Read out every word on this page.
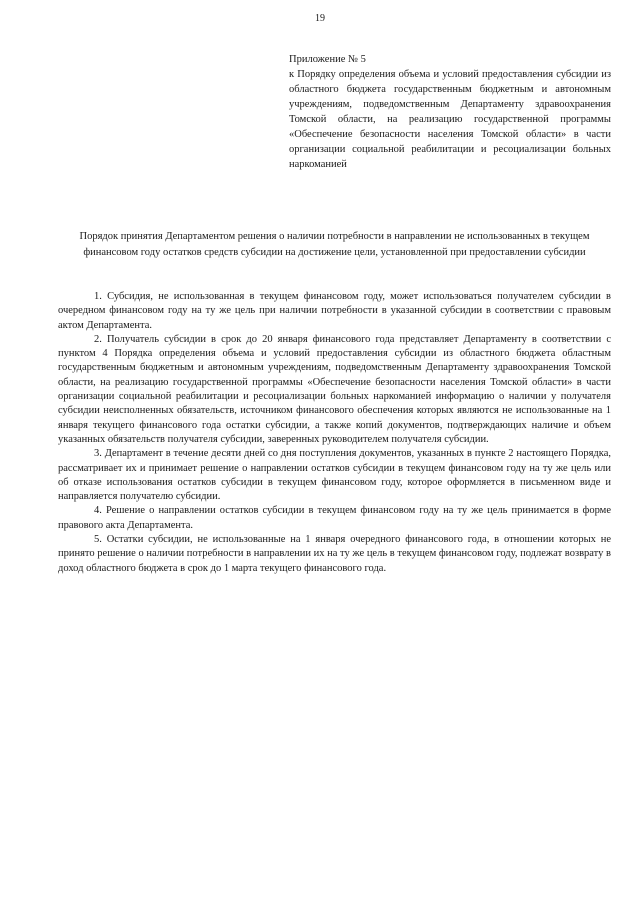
19

Приложение № 5

к Порядку определения объема и условий предоставления субсидии из областного бюджета государственным бюджетным и автономным учреждениям, подведомственным Департаменту здравоохранения Томской области, на реализацию государственной программы «Обеспечение безопасности населения Томской области» в части организации социальной реабилитации и ресоциализации больных наркоманией

Порядок принятия Департаментом решения о наличии потребности в направлении не использованных в текущем финансовом году остатков средств субсидии на достижение цели, установленной при предоставлении субсидии

1. Субсидия, не использованная в текущем финансовом году, может использоваться получателем субсидии в очередном финансовом году на ту же цель при наличии потребности в указанной субсидии в соответствии с правовым актом Департамента.

2. Получатель субсидии в срок до 20 января финансового года представляет Департаменту в соответствии с пунктом 4 Порядка определения объема и условий предоставления субсидии из областного бюджета областным государственным бюджетным и автономным учреждениям, подведомственным Департаменту здравоохранения Томской области, на реализацию государственной программы «Обеспечение безопасности населения Томской области» в части организации социальной реабилитации и ресоциализации больных наркоманией информацию о наличии у получателя субсидии неисполненных обязательств, источником финансового обеспечения которых являются не использованные на 1 января текущего финансового года остатки субсидии, а также копий документов, подтверждающих наличие и объем указанных обязательств получателя субсидии, заверенных руководителем получателя субсидии.

3. Департамент в течение десяти дней со дня поступления документов, указанных в пункте 2 настоящего Порядка, рассматривает их и принимает решение о направлении остатков субсидии в текущем финансовом году на ту же цель или об отказе использования остатков субсидии в текущем финансовом году, которое оформляется в письменном виде и направляется получателю субсидии.

4. Решение о направлении остатков субсидии в текущем финансовом году на ту же цель принимается в форме правового акта Департамента.

5. Остатки субсидии, не использованные на 1 января очередного финансового года, в отношении которых не принято решение о наличии потребности в направлении их на ту же цель в текущем финансовом году, подлежат возврату в доход областного бюджета в срок до 1 марта текущего финансового года.
